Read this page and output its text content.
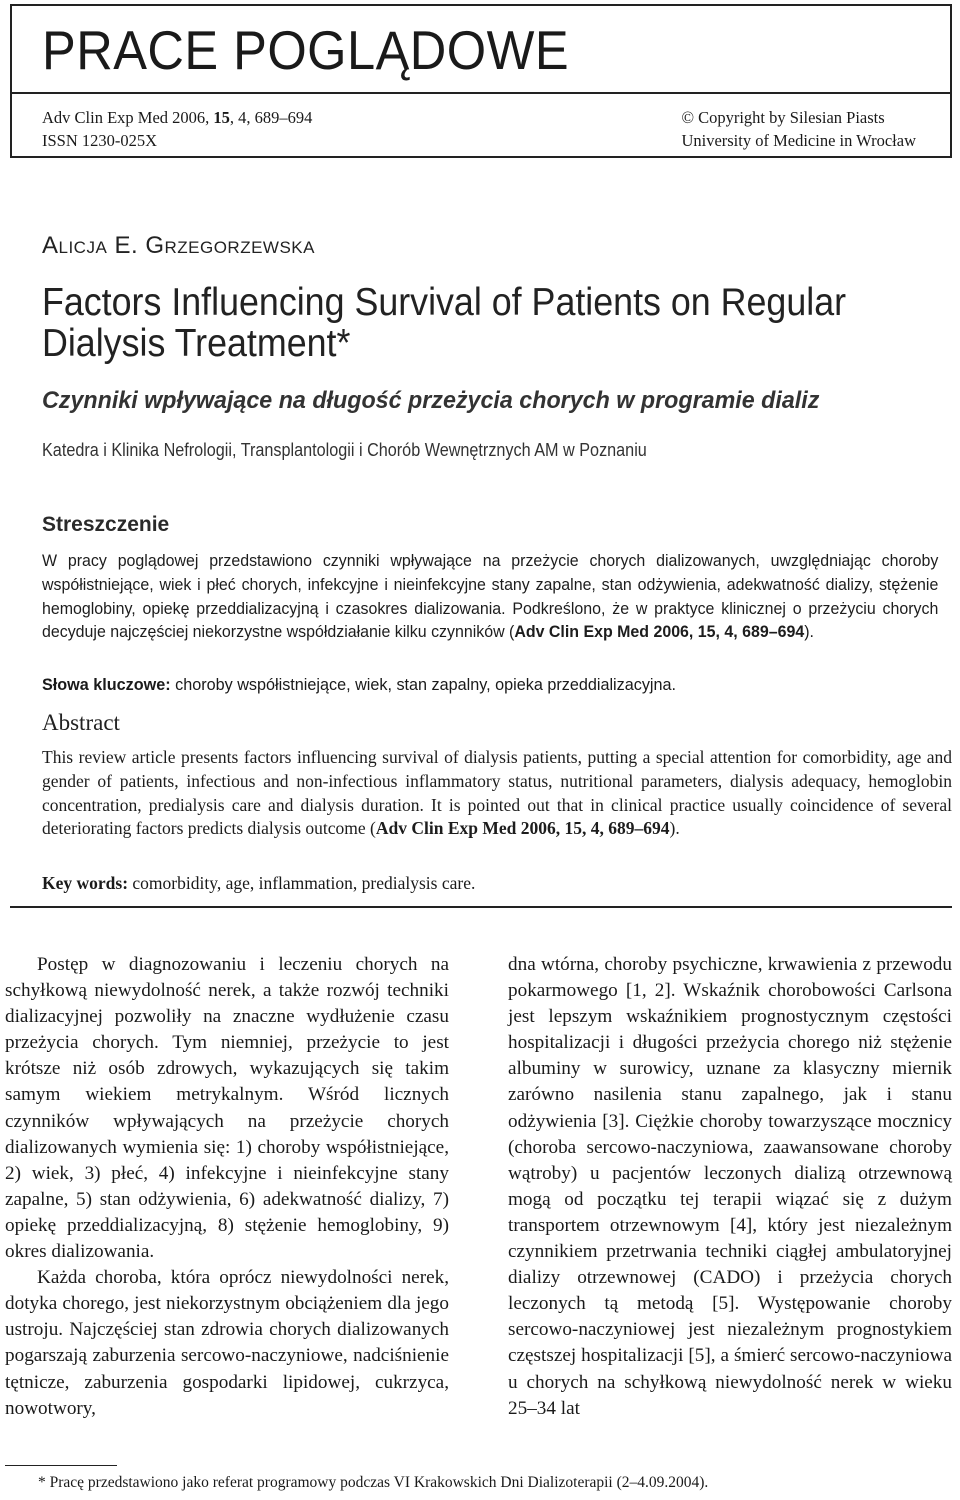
PRACE POGLĄDOWE
Adv Clin Exp Med 2006, 15, 4, 689–694
ISSN 1230-025X
© Copyright by Silesian Piasts
University of Medicine in Wrocław
Alicja E. Grzegorzewska
Factors Influencing Survival of Patients on Regular Dialysis Treatment*
Czynniki wpływające na długość przeżycia chorych w programie dializ
Katedra i Klinika Nefrologii, Transplantologii i Chorób Wewnętrznych AM w Poznaniu
Streszczenie

W pracy poglądowej przedstawiono czynniki wpływające na przeżycie chorych dializowanych, uwzględniając choroby współistniejące, wiek i płeć chorych, infekcyjne i nieinfekcyjne stany zapalne, stan odżywienia, adekwatność dializy, stężenie hemoglobiny, opiekę przeddializacyjną i czasokres dializowania. Podkreślono, że w praktyce klinicznej o przeżyciu chorych decyduje najczęściej niekorzystne współdziałanie kilku czynników (Adv Clin Exp Med 2006, 15, 4, 689–694).

Słowa kluczowe: choroby współistniejące, wiek, stan zapalny, opieka przeddializacyjna.
Abstract

This review article presents factors influencing survival of dialysis patients, putting a special attention for comorbidity, age and gender of patients, infectious and non-infectious inflammatory status, nutritional parameters, dialysis adequacy, hemoglobin concentration, predialysis care and dialysis duration. It is pointed out that in clinical practice usually coincidence of several deteriorating factors predicts dialysis outcome (Adv Clin Exp Med 2006, 15, 4, 689–694).

Key words: comorbidity, age, inflammation, predialysis care.

Postęp w diagnozowaniu i leczeniu chorych na schyłkową niewydolność nerek, a także rozwój techniki dializacyjnej pozwoliły na znaczne wydłużenie czasu przeżycia chorych. Tym niemniej, przeżycie to jest krótsze niż osób zdrowych, wykazujących się takim samym wiekiem metrykalnym. Wśród licznych czynników wpływających na przeżycie chorych dializowanych wymienia się: 1) choroby współistniejące, 2) wiek, 3) płeć, 4) infekcyjne i nieinfekcyjne stany zapalne, 5) stan odżywienia, 6) adekwatność dializy, 7) opiekę przeddializacyjną, 8) stężenie hemoglobiny, 9) okres dializowania.

Każda choroba, która oprócz niewydolności nerek, dotyka chorego, jest niekorzystnym obciążeniem dla jego ustroju. Najczęściej stan zdrowia chorych dializowanych pogarszają zaburzenia sercowo-naczyniowe, nadciśnienie tętnicze, zaburzenia gospodarki lipidowej, cukrzyca, nowotwory,

dna wtórna, choroby psychiczne, krwawienia z przewodu pokarmowego [1, 2]. Wskaźnik chorobowości Carlsona jest lepszym wskaźnikiem prognostycznym częstości hospitalizacji i długości przeżycia chorego niż stężenie albuminy w surowicy, uznane za klasyczny miernik zarówno nasilenia stanu zapalnego, jak i stanu odżywienia [3]. Ciężkie choroby towarzyszące mocznicy (choroba sercowo-naczyniowa, zaawansowane choroby wątroby) u pacjentów leczonych dializą otrzewnową mogą od początku tej terapii wiązać się z dużym transportem otrzewnowym [4], który jest niezależnym czynnikiem przetrwania techniki ciągłej ambulatoryjnej dializy otrzewnowej (CADO) i przeżycia chorych leczonych tą metodą [5]. Występowanie choroby sercowo-naczyniowej jest niezależnym prognostykiem częstszej hospitalizacji [5], a śmierć sercowo-naczyniowa u chorych na schyłkową niewydolność nerek w wieku 25–34 lat

* Pracę przedstawiono jako referat programowy podczas VI Krakowskich Dni Dializoterapii (2–4.09.2004).
